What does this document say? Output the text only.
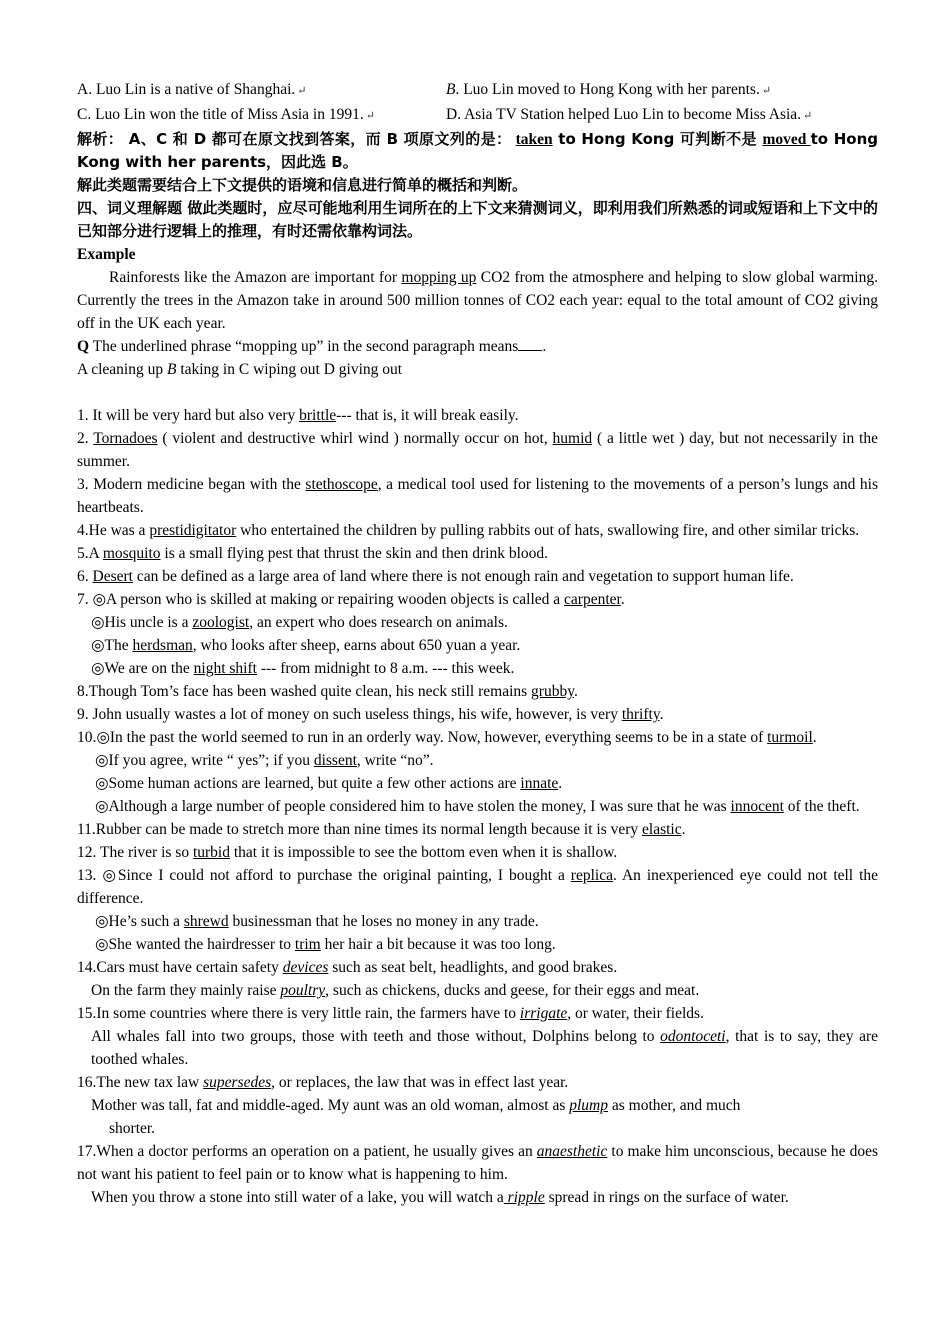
A. Luo Lin is a native of Shanghai. ↵	B. Luo Lin moved to Hong Kong with her parents. ↵
C. Luo Lin won the title of Miss Asia in 1991. ↵	D. Asia TV Station helped Luo Lin to become Miss Asia. ↵

解析： A、C 和 D 都可在原文找到答案，而 B 项原文列的是： taken to Hong Kong 可判断不是 moved to Hong Kong with her parents，因此选 B。

解此类题需要结合上下文提供的语境和信息进行简单的概括和判断。

四、词义理解题 做此类题时，应尽可能地利用生词所在的上下文来猜测词义，即利用我们所熟悉的词或短语和上下文中的已知部分进行逻辑上的推理，有时还需依靠构词法。

Example

Rainforests like the Amazon are important for mopping up CO2 from the atmosphere and helping to slow global warming. Currently the trees in the Amazon take in around 500 million tonnes of CO2 each year: equal to the total amount of CO2 giving off in the UK each year.

Q The underlined phrase “mopping up” in the second paragraph means .

A cleaning up B taking in C wiping out D giving out

1. It will be very hard but also very brittle--- that is, it will break easily.

2. Tornadoes ( violent and destructive whirl wind ) normally occur on hot, humid ( a little wet ) day, but not necessarily in the summer.

3. Modern medicine began with the stethoscope, a medical tool used for listening to the movements of a person’s lungs and his heartbeats.

4.He was a prestidigitator who entertained the children by pulling rabbits out of hats, swallowing fire, and other similar tricks.

5.A mosquito is a small flying pest that thrust the skin and then drink blood.

6. Desert can be defined as a large area of land where there is not enough rain and vegetation to support human life.

7. ◎A person who is skilled at making or repairing wooden objects is called a carpenter.

◎His uncle is a zoologist, an expert who does research on animals.

◎The herdsman, who looks after sheep, earns about 650 yuan a year.

◎We are on the night shift --- from midnight to 8 a.m. --- this week.

8.Though Tom’s face has been washed quite clean, his neck still remains grubby.

9. John usually wastes a lot of money on such useless things, his wife, however, is very thrifty.

10.◎In the past the world seemed to run in an orderly way. Now, however, everything seems to be in a state of turmoil.

◎If you agree, write “ yes”; if you dissent, write “no”.

◎Some human actions are learned, but quite a few other actions are innate.

◎Although a large number of people considered him to have stolen the money, I was sure that he was innocent of the theft.

11.Rubber can be made to stretch more than nine times its normal length because it is very elastic.

12. The river is so turbid that it is impossible to see the bottom even when it is shallow.

13. ◎Since I could not afford to purchase the original painting, I bought a replica. An inexperienced eye could not tell the difference.

◎He’s such a shrewd businessman that he loses no money in any trade.

◎She wanted the hairdresser to trim her hair a bit because it was too long.

14.Cars must have certain safety devices such as seat belt, headlights, and good brakes.

On the farm they mainly raise poultry, such as chickens, ducks and geese, for their eggs and meat.

15.In some countries where there is very little rain, the farmers have to irrigate, or water, their fields.

All whales fall into two groups, those with teeth and those without, Dolphins belong to odontoceti, that is to say, they are toothed whales.

16.The new tax law supersedes, or replaces, the law that was in effect last year.

Mother was tall, fat and middle-aged. My aunt was an old woman, almost as plump as mother, and much

shorter.

17.When a doctor performs an operation on a patient, he usually gives an anaesthetic to make him unconscious, because he does not want his patient to feel pain or to know what is happening to him.

When you throw a stone into still water of a lake, you will watch a ripple spread in rings on the surface of water.
